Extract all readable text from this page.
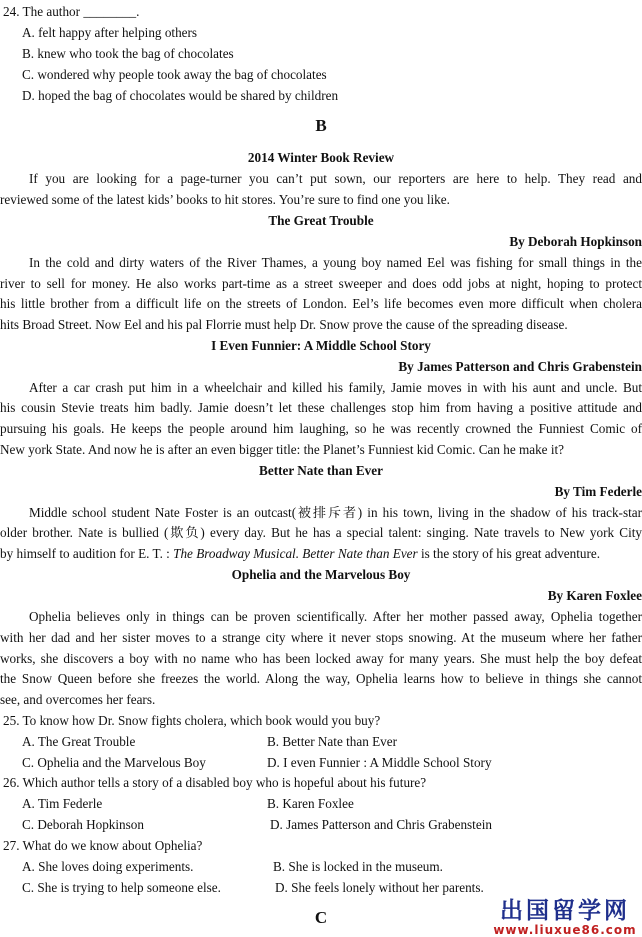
24. The author ________.
A. felt happy after helping others
B. knew who took the bag of chocolates
C. wondered why people took away the bag of chocolates
D. hoped the bag of chocolates would be shared by children
B
2014 Winter Book Review
If you are looking for a page-turner you can’t put sown, our reporters are here to help. They read and
reviewed some of the latest kids’ books to hit stores. You’re sure to find one you like.
The Great Trouble
By Deborah Hopkinson
In the cold and dirty waters of the River Thames, a young boy named Eel was fishing for small things in the
river to sell for money. He also works part-time as a street sweeper and does odd jobs at night, hoping to protect
his little brother from a difficult life on the streets of London. Eel’s life becomes even more difficult when cholera
hits Broad Street. Now Eel and his pal Florrie must help Dr. Snow prove the cause of the spreading disease.
I Even Funnier: A Middle School Story
By James Patterson and Chris Grabenstein
After a car crash put him in a wheelchair and killed his family, Jamie moves in with his aunt and uncle. But
his cousin Stevie treats him badly. Jamie doesn’t let these challenges stop him from having a positive attitude and
pursuing his goals. He keeps the people around him laughing, so he was recently crowned the Funniest Comic of
New york State. And now he is after an even bigger title: the Planet’s Funniest kid Comic. Can he make it?
Better Nate than Ever
By Tim Federle
Middle school student Nate Foster is an outcast(被排斥者) in his town, living in the shadow of his track-star
older brother. Nate is bullied (欺负) every day. But he has a special talent: singing. Nate travels to New york City
by himself to audition for E. T. : The Broadway Musical. Better Nate than Ever is the story of his great adventure.
Ophelia and the Marvelous Boy
By Karen Foxlee
Ophelia believes only in things can be proven scientifically. After her mother passed away, Ophelia together
with her dad and her sister moves to a strange city where it never stops snowing. At the museum where her father
works, she discovers a boy with no name who has been locked away for many years. She must help the boy defeat
the Snow Queen before she freezes the world. Along the way, Ophelia learns how to believe in things she cannot
see, and overcomes her fears.
25. To know how Dr. Snow fights cholera, which book would you buy?
A. The Great Trouble	B. Better Nate than Ever
C. Ophelia and the Marvelous Boy	D. I even Funnier : A Middle School Story
26. Which author tells a story of a disabled boy who is hopeful about his future?
A. Tim Federle	B. Karen Foxlee
C. Deborah Hopkinson	D. James Patterson and Chris Grabenstein
27. What do we know about Ophelia?
A. She loves doing experiments.	B. She is locked in the museum.
C. She is trying to help someone else.	D. She feels lonely without her parents.
C	出国留学网
www.liuxue86.com
